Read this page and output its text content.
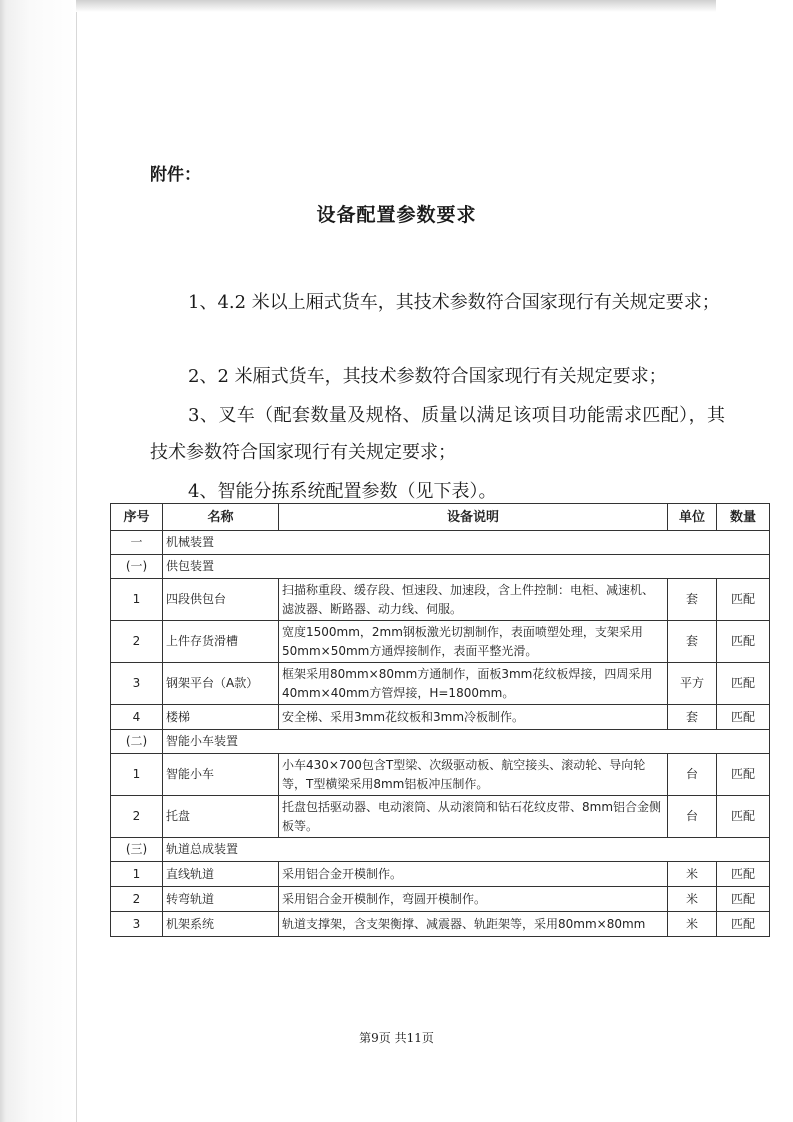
附件：
设备配置参数要求
1、4.2 米以上厢式货车，其技术参数符合国家现行有关规定要求；
2、2 米厢式货车，其技术参数符合国家现行有关规定要求；
3、叉车（配套数量及规格、质量以满足该项目功能需求匹配），其技术参数符合国家现行有关规定要求；
4、智能分拣系统配置参数（见下表）。
序号	名称	设备说明	单位	数量
一	机械装置			
(一)	供包装置			
1	四段供包台	扫描称重段、缓存段、恒速段、加速段，含上件控制：电柜、减速机、滤波器、断路器、动力线、伺服。	套	匹配
2	上件存货滑槽	宽度1500mm，2mm钢板激光切割制作，表面喷塑处理，支架采用50mm×50mm方通焊接制作，表面平整光滑。	套	匹配
3	钢架平台（A款）	框架采用80mm×80mm方通制作，面板3mm花纹板焊接，四周采用40mm×40mm方管焊接，H=1800mm。	平方	匹配
4	楼梯	安全梯、采用3mm花纹板和3mm冷板制作。	套	匹配
(二)	智能小车装置			
1	智能小车	小车430×700包含T型梁、次级驱动板、航空接头、滚动轮、导向轮等，T型横梁采用8mm铝板冲压制作。	台	匹配
2	托盘	托盘包括驱动器、电动滚筒、从动滚筒和钻石花纹皮带、8mm铝合金侧板等。	台	匹配
(三)	轨道总成装置			
1	直线轨道	采用铝合金开模制作。	米	匹配
2	转弯轨道	采用铝合金开模制作，弯圆开模制作。	米	匹配
3	机架系统	轨道支撑架，含支架衡撑、减震器、轨距架等，采用80mm×80mm	米	匹配
第9页 共11页
